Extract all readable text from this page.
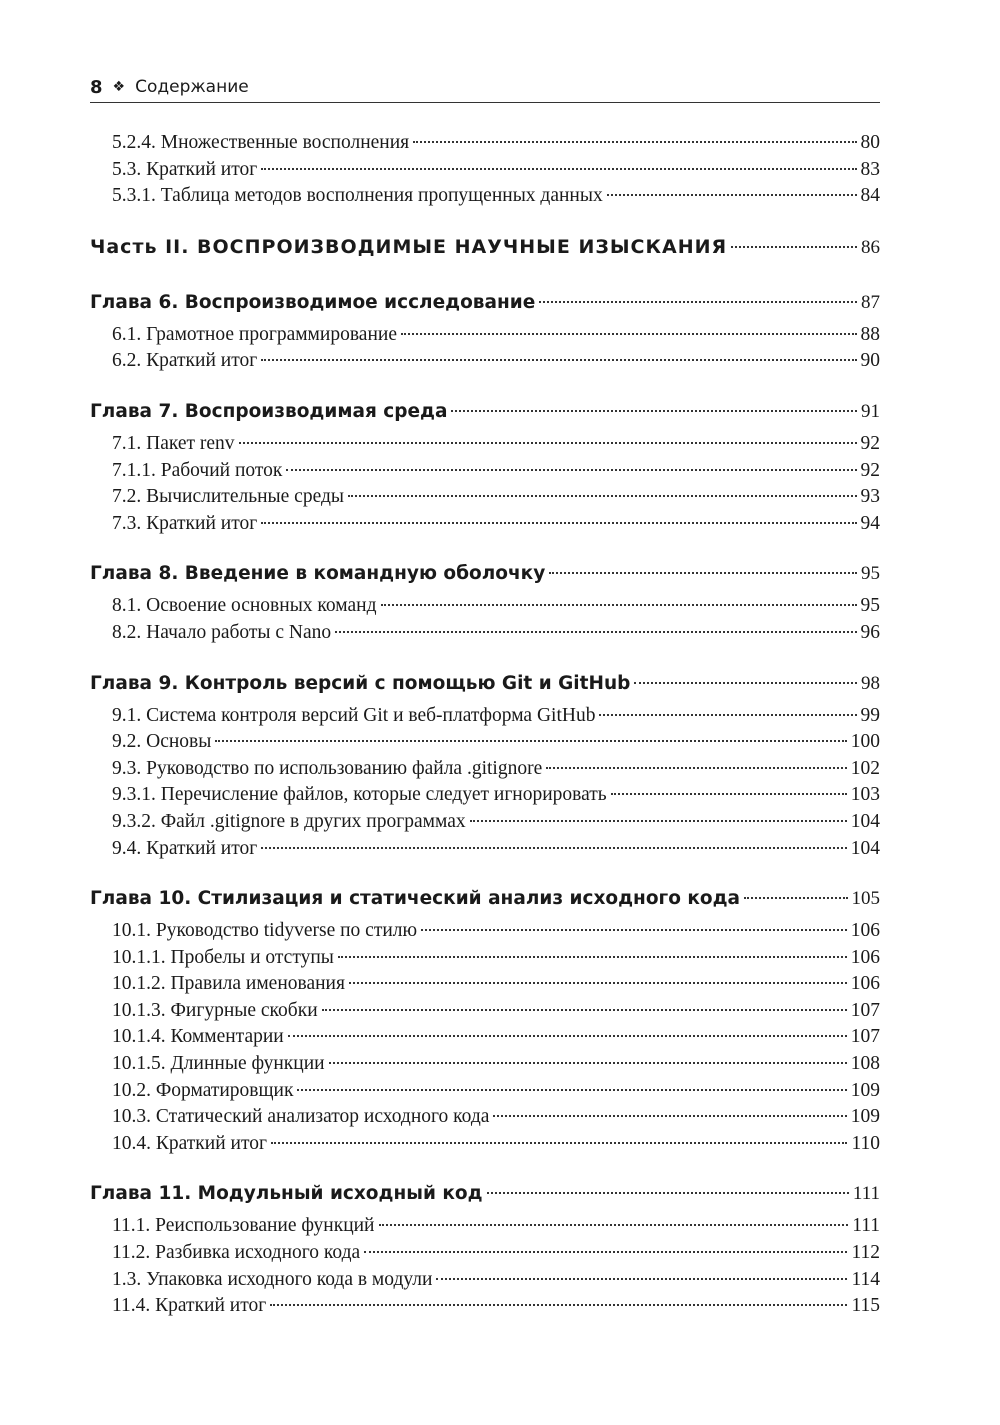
8 ❖ Содержание
5.2.4. Множественные восполнения	80
5.3. Краткий итог	83
5.3.1. Таблица методов восполнения пропущенных данных	84
Часть II. ВОСПРОИЗВОДИМЫЕ НАУЧНЫЕ ИЗЫСКАНИЯ	86
Глава 6. Воспроизводимое исследование	87
6.1. Грамотное программирование	88
6.2. Краткий итог	90
Глава 7. Воспроизводимая среда	91
7.1. Пакет renv	92
7.1.1. Рабочий поток	92
7.2. Вычислительные среды	93
7.3. Краткий итог	94
Глава 8. Введение в командную оболочку	95
8.1. Освоение основных команд	95
8.2. Начало работы с Nano	96
Глава 9. Контроль версий с помощью Git и GitHub	98
9.1. Система контроля версий Git и веб-платформа GitHub	99
9.2. Основы	100
9.3. Руководство по использованию файла .gitignore	102
9.3.1. Перечисление файлов, которые следует игнорировать	103
9.3.2. Файл .gitignore в других программах	104
9.4. Краткий итог	104
Глава 10. Стилизация и статический анализ исходного кода	105
10.1. Руководство tidyverse по стилю	106
10.1.1. Пробелы и отступы	106
10.1.2. Правила именования	106
10.1.3. Фигурные скобки	107
10.1.4. Комментарии	107
10.1.5. Длинные функции	108
10.2. Форматировщик	109
10.3. Статический анализатор исходного кода	109
10.4. Краткий итог	110
Глава 11. Модульный исходный код	111
11.1. Реиспользование функций	111
11.2. Разбивка исходного кода	112
1.3. Упаковка исходного кода в модули	114
11.4. Краткий итог	115
